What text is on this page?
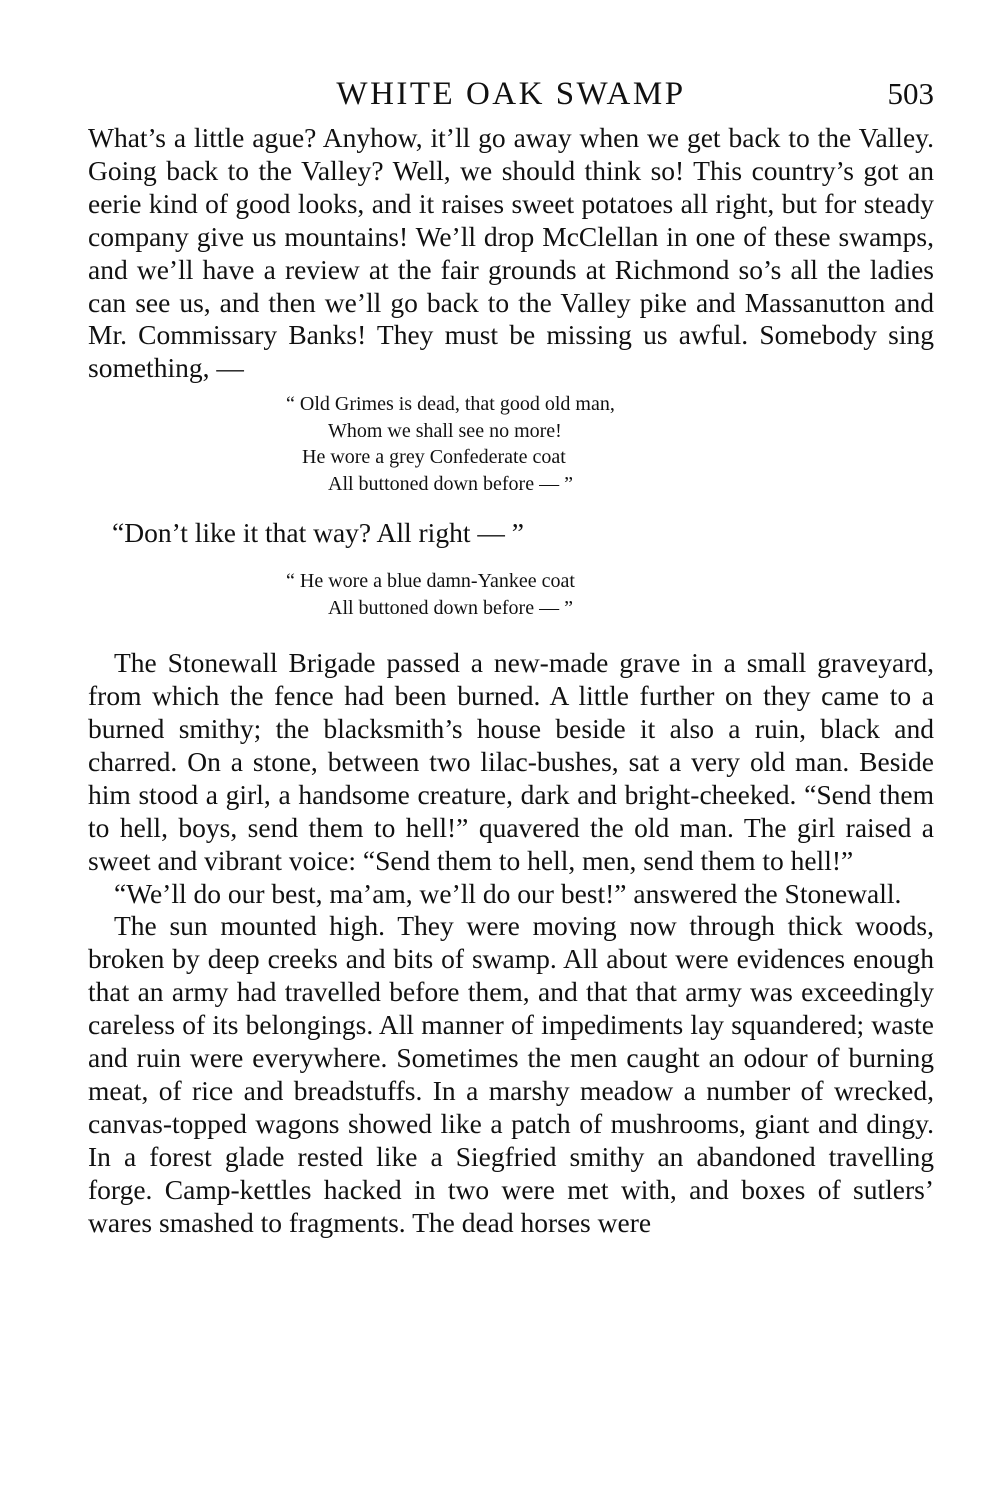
WHITE OAK SWAMP	503

What’s a little ague? Anyhow, it’ll go away when we get back to the Valley. Going back to the Valley? Well, we should think so! This country’s got an eerie kind of good looks, and it raises sweet potatoes all right, but for steady company give us mountains! We’ll drop McClellan in one of these swamps, and we’ll have a review at the fair grounds at Richmond so’s all the ladies can see us, and then we’ll go back to the Valley pike and Massanutton and Mr. Commissary Banks! They must be missing us awful. Somebody sing something, —

“ Old Grimes is dead, that good old man,
Whom we shall see no more!
He wore a grey Confederate coat
All buttoned down before — ”
“Don’t like it that way? All right — ”
“ He wore a blue damn-Yankee coat
All buttoned down before — ”

The Stonewall Brigade passed a new-made grave in a small graveyard, from which the fence had been burned. A little further on they came to a burned smithy; the blacksmith’s house beside it also a ruin, black and charred. On a stone, between two lilac-bushes, sat a very old man. Beside him stood a girl, a handsome creature, dark and bright-cheeked. “Send them to hell, boys, send them to hell!” quavered the old man. The girl raised a sweet and vibrant voice: “Send them to hell, men, send them to hell!”

“We’ll do our best, ma’am, we’ll do our best!” answered the Stonewall.

The sun mounted high. They were moving now through thick woods, broken by deep creeks and bits of swamp. All about were evidences enough that an army had travelled before them, and that that army was exceedingly careless of its belongings. All manner of impediments lay squandered; waste and ruin were everywhere. Sometimes the men caught an odour of burning meat, of rice and breadstuffs. In a marshy meadow a number of wrecked, canvas-topped wagons showed like a patch of mushrooms, giant and dingy. In a forest glade rested like a Siegfried smithy an abandoned travelling forge. Camp-kettles hacked in two were met with, and boxes of sutlers’ wares smashed to fragments. The dead horses were
